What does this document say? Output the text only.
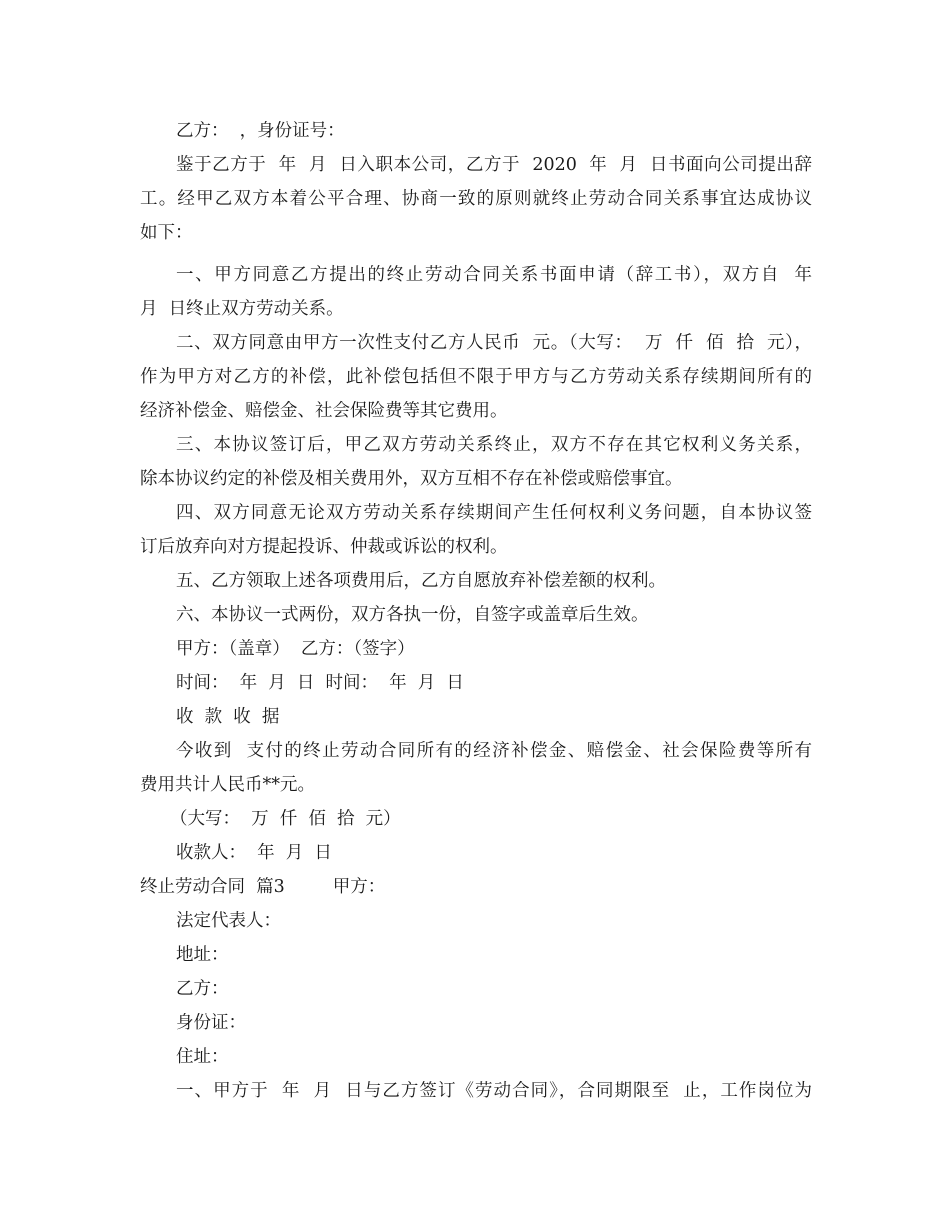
乙方：  ，身份证号：

鉴于乙方于  年  月  日入职本公司，乙方于  2020  年  月  日书面向公司提出辞

工。经甲乙双方本着公平合理、协商一致的原则就终止劳动合同关系事宜达成协议

如下：

一、甲方同意乙方提出的终止劳动合同关系书面申请（辞工书），双方自  年

月  日终止双方劳动关系。

二、双方同意由甲方一次性支付乙方人民币  元。（大写：  万  仟  佰  拾  元），

作为甲方对乙方的补偿，此补偿包括但不限于甲方与乙方劳动关系存续期间所有的

经济补偿金、赔偿金、社会保险费等其它费用。

三、本协议签订后，甲乙双方劳动关系终止，双方不存在其它权利义务关系，

除本协议约定的补偿及相关费用外，双方互相不存在补偿或赔偿事宜。

四、双方同意无论双方劳动关系存续期间产生任何权利义务问题，自本协议签

订后放弃向对方提起投诉、仲裁或诉讼的权利。

五、乙方领取上述各项费用后，乙方自愿放弃补偿差额的权利。

六、本协议一式两份，双方各执一份，自签字或盖章后生效。

甲方：（盖章）  乙方：（签字）

时间：  年  月  日  时间：  年  月  日

收  款  收  据

今收到  支付的终止劳动合同所有的经济补偿金、赔偿金、社会保险费等所有

费用共计人民币**元。

（大写：  万  仟  佰  拾  元）

收款人：  年  月  日

终止劳动合同  篇3	甲方：

法定代表人：

地址：

乙方：

身份证：

住址：

一、甲方于  年  月  日与乙方签订《劳动合同》，合同期限至  止，工作岗位为
